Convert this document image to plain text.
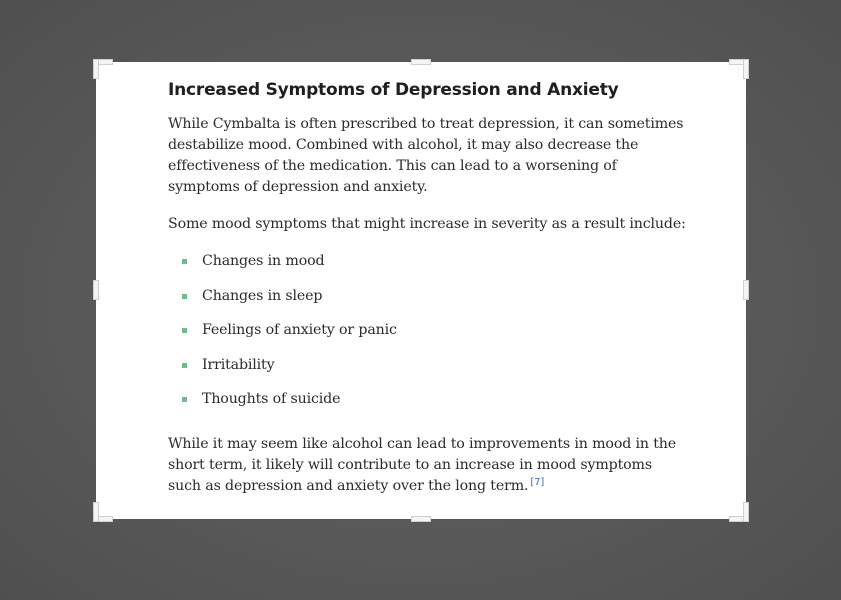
Increased Symptoms of Depression and Anxiety

While Cymbalta is often prescribed to treat depression, it can sometimes destabilize mood. Combined with alcohol, it may also decrease the effectiveness of the medication. This can lead to a worsening of symptoms of depression and anxiety.

Some mood symptoms that might increase in severity as a result include:

Changes in mood
Changes in sleep
Feelings of anxiety or panic
Irritability
Thoughts of suicide

While it may seem like alcohol can lead to improvements in mood in the short term, it likely will contribute to an increase in mood symptoms such as depression and anxiety over the long term. [7]
